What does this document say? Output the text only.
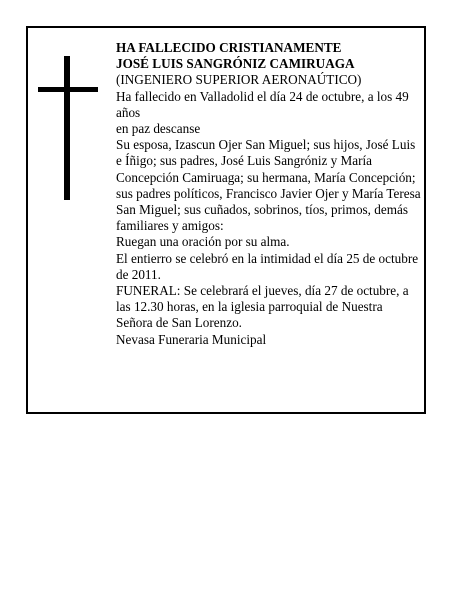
HA FALLECIDO CRISTIANAMENTE

JOSÉ LUIS SANGRÓNIZ CAMIRUAGA

(INGENIERO SUPERIOR AERONAÚTICO)

Ha fallecido en Valladolid el día 24 de octubre, a los 49 años

en paz descanse

Su esposa, Izascun Ojer San Miguel; sus hijos, José Luis e Íñigo; sus padres, José Luis Sangróniz y María Concepción Camiruaga; su hermana, María Concepción; sus padres políticos, Francisco Javier Ojer y María Teresa San Miguel; sus cuñados, sobrinos, tíos, primos, demás familiares y amigos:

Ruegan una oración por su alma.

El entierro se celebró en la intimidad el día 25 de octubre de 2011.

FUNERAL: Se celebrará el jueves, día 27 de octubre, a las 12.30 horas, en la iglesia parroquial de Nuestra Señora de San Lorenzo.

Nevasa Funeraria Municipal
